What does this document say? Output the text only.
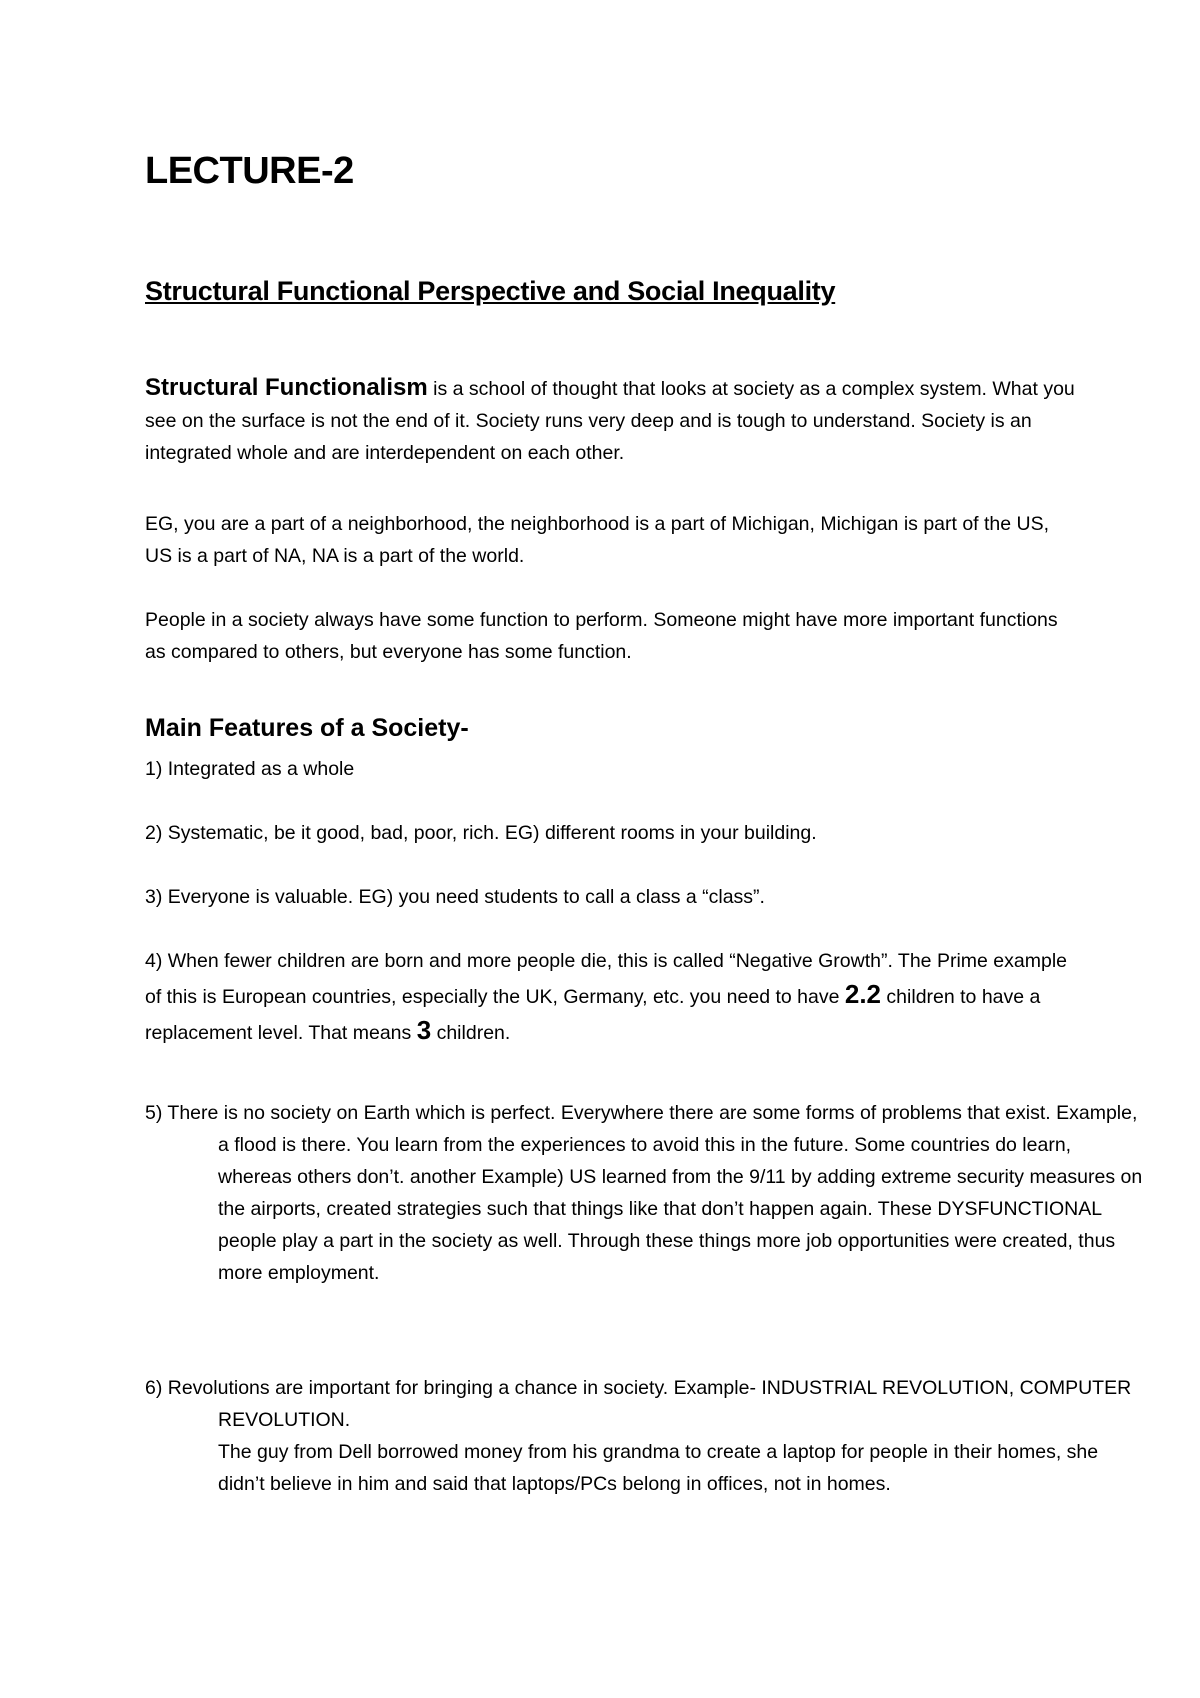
LECTURE-2
Structural Functional Perspective and Social Inequality

Structural Functionalism is a school of thought that looks at society as a complex system. What you see on the surface is not the end of it. Society runs very deep and is tough to understand. Society is an integrated whole and are interdependent on each other.

EG, you are a part of a neighborhood, the neighborhood is a part of Michigan, Michigan is part of the US, US is a part of NA, NA is a part of the world.

People in a society always have some function to perform. Someone might have more important functions as compared to others, but everyone has some function.

Main Features of a Society-

1) Integrated as a whole

2) Systematic, be it good, bad, poor, rich. EG) different rooms in your building.

3) Everyone is valuable. EG) you need students to call a class a “class”.

4) When fewer children are born and more people die, this is called “Negative Growth”. The Prime example of this is European countries, especially the UK, Germany, etc. you need to have 2.2 children to have a replacement level. That means 3 children.

5) There is no society on Earth which is perfect. Everywhere there are some forms of problems that exist. Example, a flood is there. You learn from the experiences to avoid this in the future. Some countries do learn, whereas others don’t. another Example) US learned from the 9/11 by adding extreme security measures on the airports, created strategies such that things like that don’t happen again. These DYSFUNCTIONAL people play a part in the society as well. Through these things more job opportunities were created, thus more employment.

6) Revolutions are important for bringing a chance in society. Example- INDUSTRIAL REVOLUTION, COMPUTER REVOLUTION.
The guy from Dell borrowed money from his grandma to create a laptop for people in their homes, she didn’t believe in him and said that laptops/PCs belong in offices, not in homes.
